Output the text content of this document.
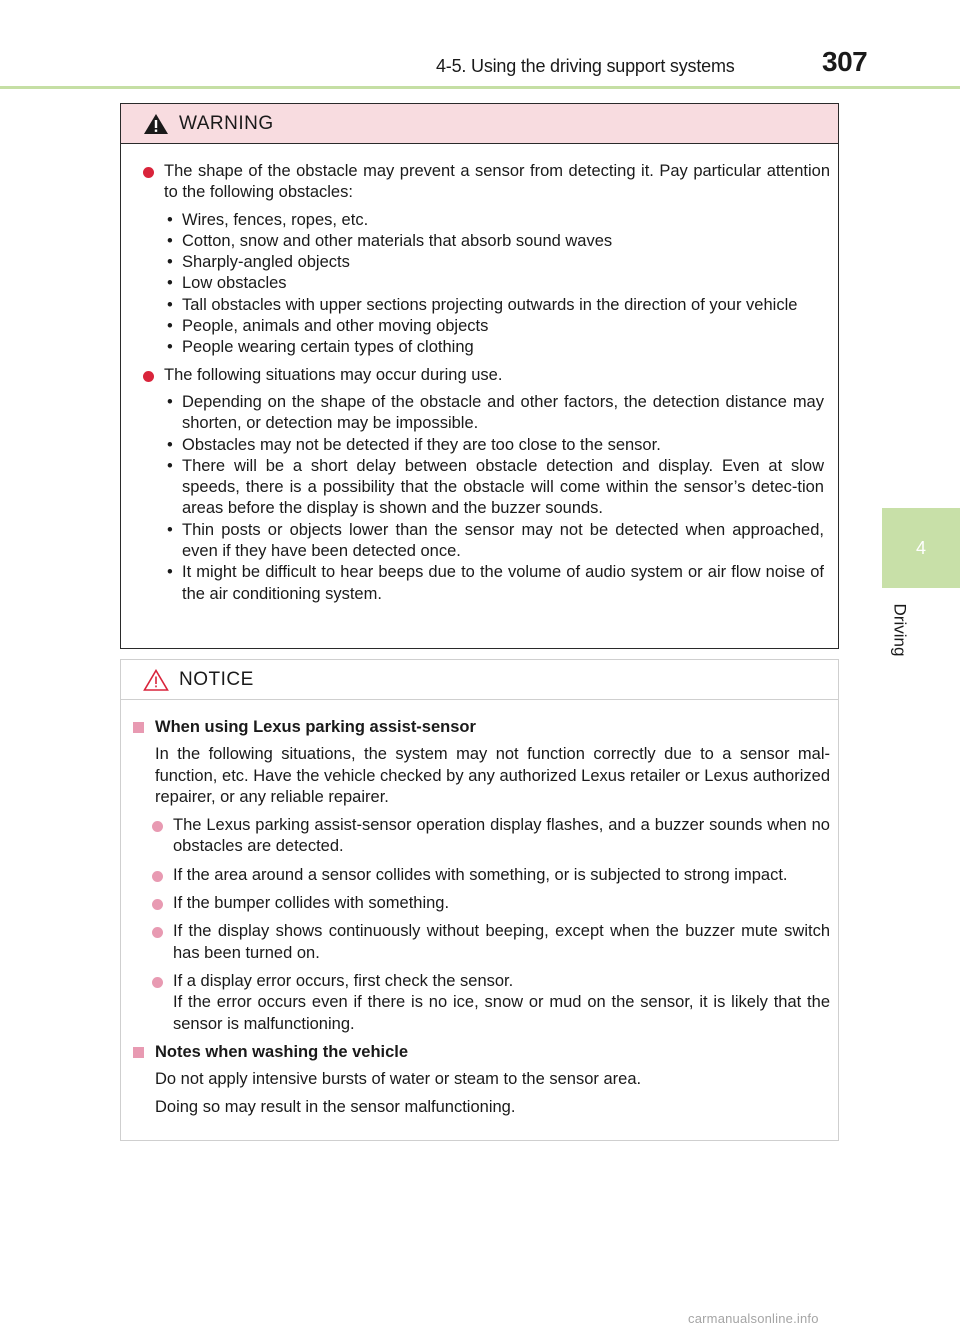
4-5. Using the driving support systems	307
4
Driving
WARNING
The shape of the obstacle may prevent a sensor from detecting it. Pay particular attention to the following obstacles:
• Wires, fences, ropes, etc.
• Cotton, snow and other materials that absorb sound waves
• Sharply-angled objects
• Low obstacles
• Tall obstacles with upper sections projecting outwards in the direction of your vehicle
• People, animals and other moving objects
• People wearing certain types of clothing
The following situations may occur during use.
• Depending on the shape of the obstacle and other factors, the detection distance may shorten, or detection may be impossible.
• Obstacles may not be detected if they are too close to the sensor.
• There will be a short delay between obstacle detection and display. Even at slow speeds, there is a possibility that the obstacle will come within the sensor’s detec-tion areas before the display is shown and the buzzer sounds.
• Thin posts or objects lower than the sensor may not be detected when approached, even if they have been detected once.
• It might be difficult to hear beeps due to the volume of audio system or air flow noise of the air conditioning system.
NOTICE
When using Lexus parking assist-sensor
In the following situations, the system may not function correctly due to a sensor mal-function, etc. Have the vehicle checked by any authorized Lexus retailer or Lexus authorized repairer, or any reliable repairer.
The Lexus parking assist-sensor operation display flashes, and a buzzer sounds when no obstacles are detected.
If the area around a sensor collides with something, or is subjected to strong impact.
If the bumper collides with something.
If the display shows continuously without beeping, except when the buzzer mute switch has been turned on.
If a display error occurs, first check the sensor.
If the error occurs even if there is no ice, snow or mud on the sensor, it is likely that the sensor is malfunctioning.
Notes when washing the vehicle
Do not apply intensive bursts of water or steam to the sensor area.
Doing so may result in the sensor malfunctioning.
carmanualsonline.info
